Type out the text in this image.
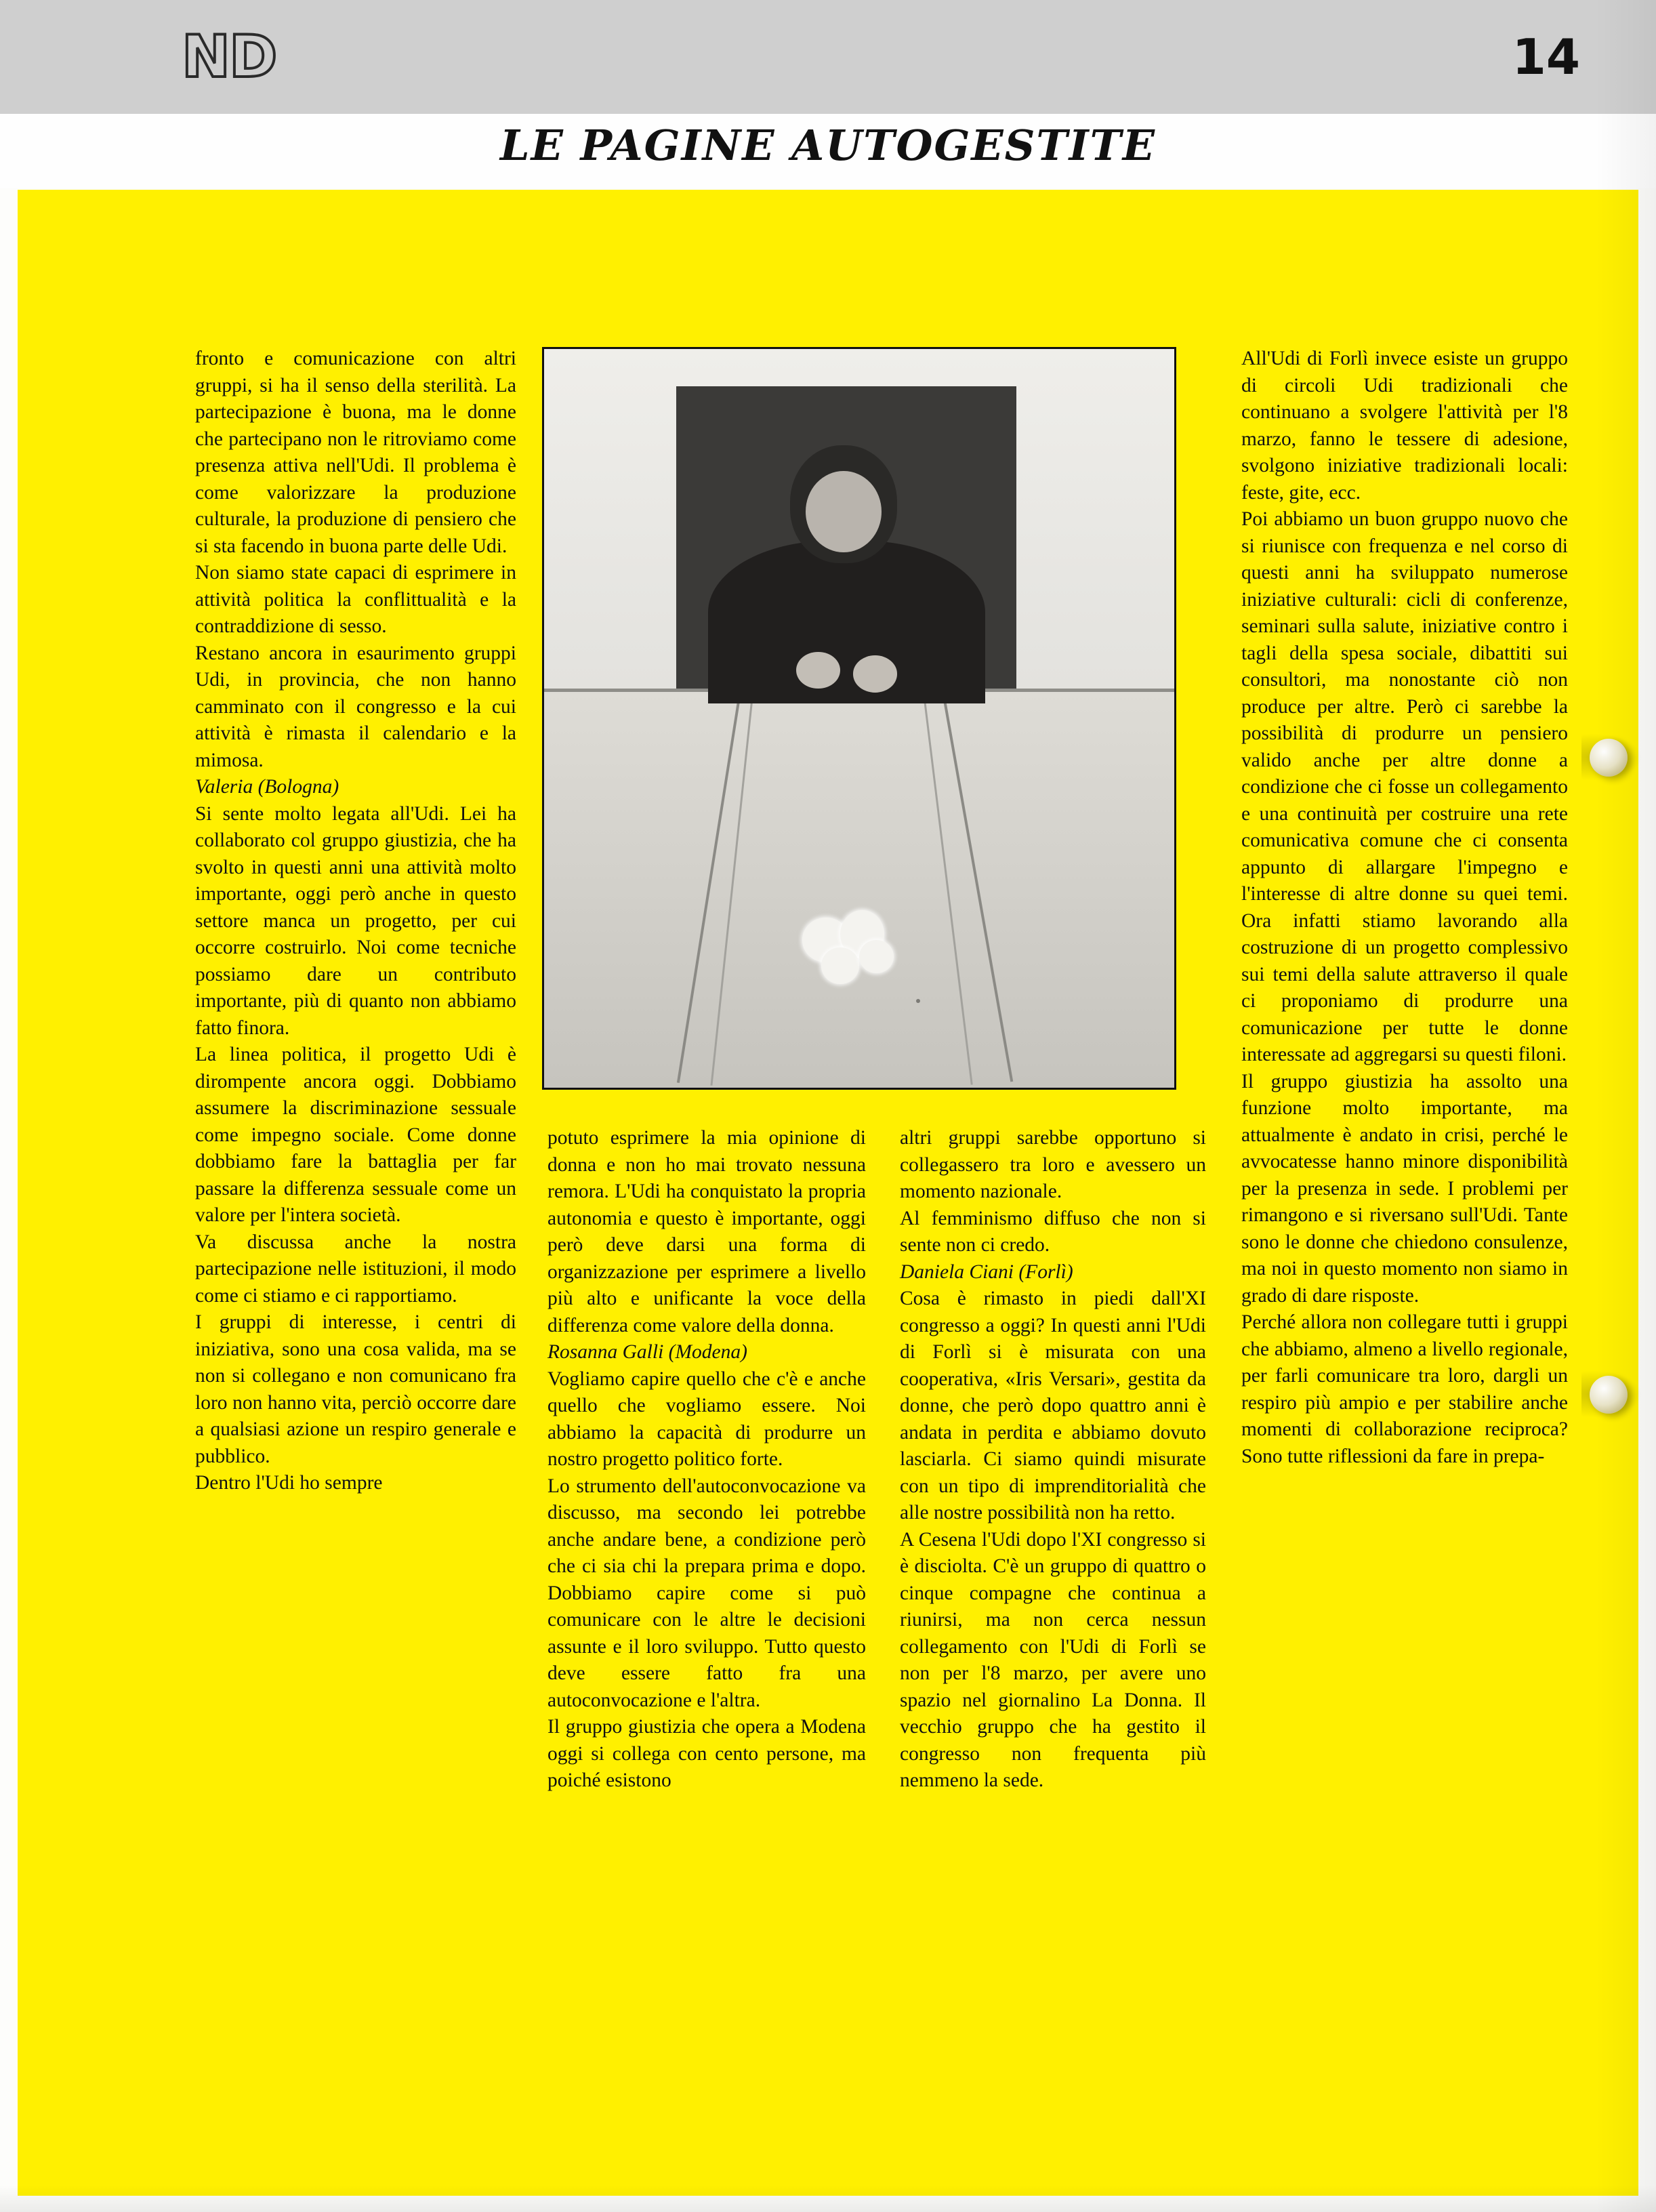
ND	14
LE PAGINE AUTOGESTITE

fronto e comunicazione con altri gruppi, si ha il senso della sterilità. La partecipazione è buona, ma le donne che partecipano non le ritroviamo come presenza attiva nell'Udi. Il problema è come valorizzare la produzione culturale, la produzione di pensiero che si sta facendo in buona parte delle Udi.

Non siamo state capaci di esprimere in attività politica la conflittualità e la contraddizione di sesso.

Restano ancora in esaurimento gruppi Udi, in provincia, che non hanno camminato con il congresso e la cui attività è rimasta il calendario e la mimosa.

Valeria (Bologna)

Si sente molto legata all'Udi. Lei ha collaborato col gruppo giustizia, che ha svolto in questi anni una attività molto importante, oggi però anche in questo settore manca un progetto, per cui occorre costruirlo. Noi come tecniche possiamo dare un contributo importante, più di quanto non abbiamo fatto finora.

La linea politica, il progetto Udi è dirompente ancora oggi. Dobbiamo assumere la discriminazione sessuale come impegno sociale. Come donne dobbiamo fare la battaglia per far passare la differenza sessuale come un valore per l'intera società.

Va discussa anche la nostra partecipazione nelle istituzioni, il modo come ci stiamo e ci rapportiamo.

I gruppi di interesse, i centri di iniziativa, sono una cosa valida, ma se non si collegano e non comunicano fra loro non hanno vita, perciò occorre dare a qualsiasi azione un respiro generale e pubblico.

Dentro l'Udi ho sempre

potuto esprimere la mia opinione di donna e non ho mai trovato nessuna remora. L'Udi ha conquistato la propria autonomia e questo è importante, oggi però deve darsi una forma di organizzazione per esprimere a livello più alto e unificante la voce della differenza come valore della donna.

Rosanna Galli (Modena)

Vogliamo capire quello che c'è e anche quello che vogliamo essere. Noi abbiamo la capacità di produrre un nostro progetto politico forte.

Lo strumento dell'autoconvocazione va discusso, ma secondo lei potrebbe anche andare bene, a condizione però che ci sia chi la prepara prima e dopo. Dobbiamo capire come si può comunicare con le altre le decisioni assunte e il loro sviluppo. Tutto questo deve essere fatto fra una autoconvocazione e l'altra.

Il gruppo giustizia che opera a Modena oggi si collega con cento persone, ma poiché esistono

altri gruppi sarebbe opportuno si collegassero tra loro e avessero un momento nazionale.

Al femminismo diffuso che non si sente non ci credo.

Daniela Ciani (Forlì)

Cosa è rimasto in piedi dall'XI congresso a oggi? In questi anni l'Udi di Forlì si è misurata con una cooperativa, «Iris Versari», gestita da donne, che però dopo quattro anni è andata in perdita e abbiamo dovuto lasciarla. Ci siamo quindi misurate con un tipo di imprenditorialità che alle nostre possibilità non ha retto.

A Cesena l'Udi dopo l'XI congresso si è disciolta. C'è un gruppo di quattro o cinque compagne che continua a riunirsi, ma non cerca nessun collegamento con l'Udi di Forlì se non per l'8 marzo, per avere uno spazio nel giornalino La Donna. Il vecchio gruppo che ha gestito il congresso non frequenta più nemmeno la sede.

All'Udi di Forlì invece esiste un gruppo di circoli Udi tradizionali che continuano a svolgere l'attività per l'8 marzo, fanno le tessere di adesione, svolgono iniziative tradizionali locali: feste, gite, ecc.

Poi abbiamo un buon gruppo nuovo che si riunisce con frequenza e nel corso di questi anni ha sviluppato numerose iniziative culturali: cicli di conferenze, seminari sulla salute, iniziative contro i tagli della spesa sociale, dibattiti sui consultori, ma nonostante ciò non produce per altre. Però ci sarebbe la possibilità di produrre un pensiero valido anche per altre donne a condizione che ci fosse un collegamento e una continuità per costruire una rete comunicativa comune che ci consenta appunto di allargare l'impegno e l'interesse di altre donne su quei temi. Ora infatti stiamo lavorando alla costruzione di un progetto complessivo sui temi della salute attraverso il quale ci proponiamo di produrre una comunicazione per tutte le donne interessate ad aggregarsi su questi filoni.

Il gruppo giustizia ha assolto una funzione molto importante, ma attualmente è andato in crisi, perché le avvocatesse hanno minore disponibilità per la presenza in sede. I problemi per rimangono e si riversano sull'Udi. Tante sono le donne che chiedono consulenze, ma noi in questo momento non siamo in grado di dare risposte.

Perché allora non collegare tutti i gruppi che abbiamo, almeno a livello regionale, per farli comunicare tra loro, dargli un respiro più ampio e per stabilire anche momenti di collaborazione reciproca? Sono tutte riflessioni da fare in prepa-
